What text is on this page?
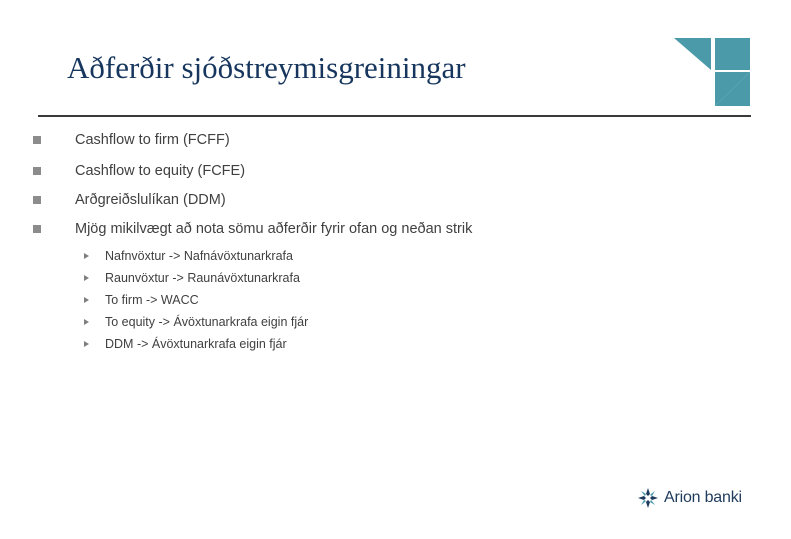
Aðferðir sjóðstreymisgreiningar
Cashflow to firm (FCFF)
Cashflow to equity (FCFE)
Arðgreiðslulíkan (DDM)
Mjög mikilvægt að nota sömu aðferðir fyrir ofan og neðan strik
Nafnvöxtur -> Nafnávöxtunarkrafa
Raunvöxtur -> Raunávöxtunarkrafa
To firm -> WACC
To equity -> Ávöxtunarkrafa eigin fjár
DDM -> Ávöxtunarkrafa eigin fjár
Arion banki
